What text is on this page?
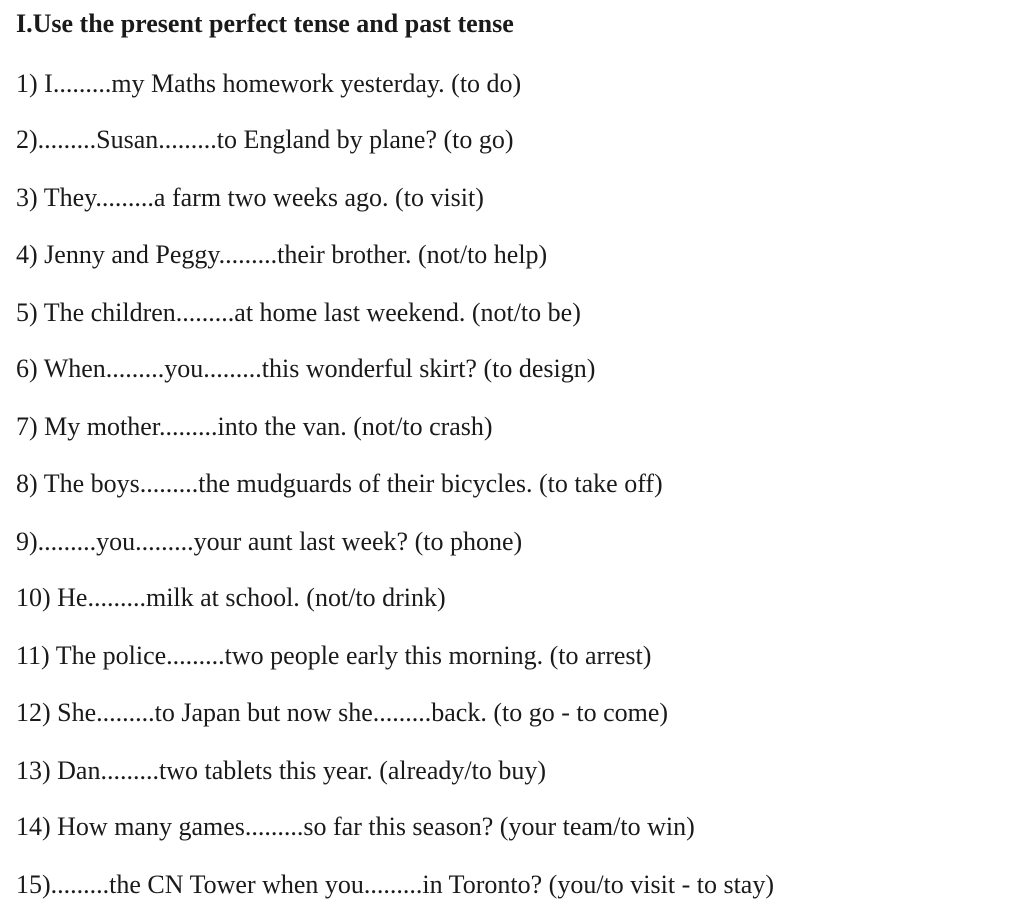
I.Use the present perfect tense and past tense
1) I.........my Maths homework yesterday. (to do)
2).........Susan.........to England by plane? (to go)
3) They.........a farm two weeks ago. (to visit)
4) Jenny and Peggy.........their brother. (not/to help)
5) The children.........at home last weekend. (not/to be)
6) When.........you.........this wonderful skirt? (to design)
7) My mother.........into the van. (not/to crash)
8) The boys.........the mudguards of their bicycles. (to take off)
9).........you.........your aunt last week? (to phone)
10) He.........milk at school. (not/to drink)
11) The police.........two people early this morning. (to arrest)
12) She.........to Japan but now she.........back. (to go - to come)
13) Dan.........two tablets this year. (already/to buy)
14) How many games.........so far this season? (your team/to win)
15).........the CN Tower when you.........in Toronto? (you/to visit - to stay)
